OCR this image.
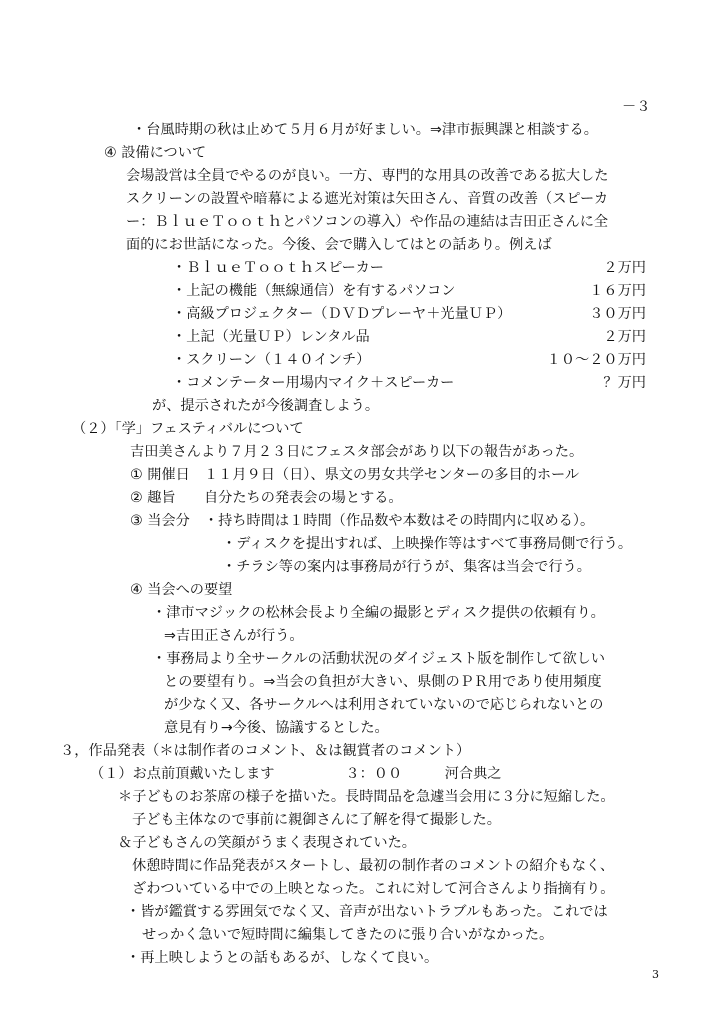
－３
・台風時期の秋は止めて５月６月が好ましい。⇒津市振興課と相談する。
④ 設備について
会場設営は全員でやるのが良い。一方、専門的な用具の改善である拡大した
スクリーンの設置や暗幕による遮光対策は矢田さん、音質の改善（スピーカ
ー：ＢｌｕｅＴｏｏｔｈとパソコンの導入）や作品の連結は吉田正さんに全
面的にお世話になった。今後、会で購入してはとの話あり。例えば
・ＢｌｕｅＴｏｏｔｈスピーカー	２万円
・上記の機能（無線通信）を有するパソコン	１６万円
・高級プロジェクター（ＤＶＤプレーヤ＋光量ＵＰ）	３０万円
・上記（光量ＵＰ）レンタル品	２万円
・スクリーン（１４０インチ）	１０～２０万円
・コメンテーター用場内マイク＋スピーカー	？万円
が、提示されたが今後調査しよう。
（２）「学」フェスティバルについて
吉田美さんより７月２３日にフェスタ部会があり以下の報告があった。
① 開催日　１１月９日（日）、県文の男女共学センターの多目的ホール
② 趣旨　　自分たちの発表会の場とする。
③ 当会分　・持ち時間は１時間（作品数や本数はその時間内に収める）。
・ディスクを提出すれば、上映操作等はすべて事務局側で行う。
・チラシ等の案内は事務局が行うが、集客は当会で行う。
④ 当会への要望
・津市マジックの松林会長より全編の撮影とディスク提供の依頼有り。
⇒吉田正さんが行う。
・事務局より全サークルの活動状況のダイジェスト版を制作して欲しい
との要望有り。⇒当会の負担が大きい、県側のＰＲ用であり使用頻度
が少なく又、各サークルへは利用されていないので応じられないとの
意見有り→今後、協議するとした。
３，作品発表（＊は制作者のコメント、＆は観賞者のコメント）
（１）お点前頂戴いたします　　　　　３：００　　　河合典之
＊子どものお茶席の様子を描いた。長時間品を急遽当会用に３分に短縮した。
子ども主体なので事前に親御さんに了解を得て撮影した。
＆子どもさんの笑顔がうまく表現されていた。
休憩時間に作品発表がスタートし、最初の制作者のコメントの紹介もなく、
ざわついている中での上映となった。これに対して河合さんより指摘有り。
・皆が鑑賞する雰囲気でなく又、音声が出ないトラブルもあった。これでは
せっかく急いで短時間に編集してきたのに張り合いがなかった。
・再上映しようとの話もあるが、しなくて良い。
3
